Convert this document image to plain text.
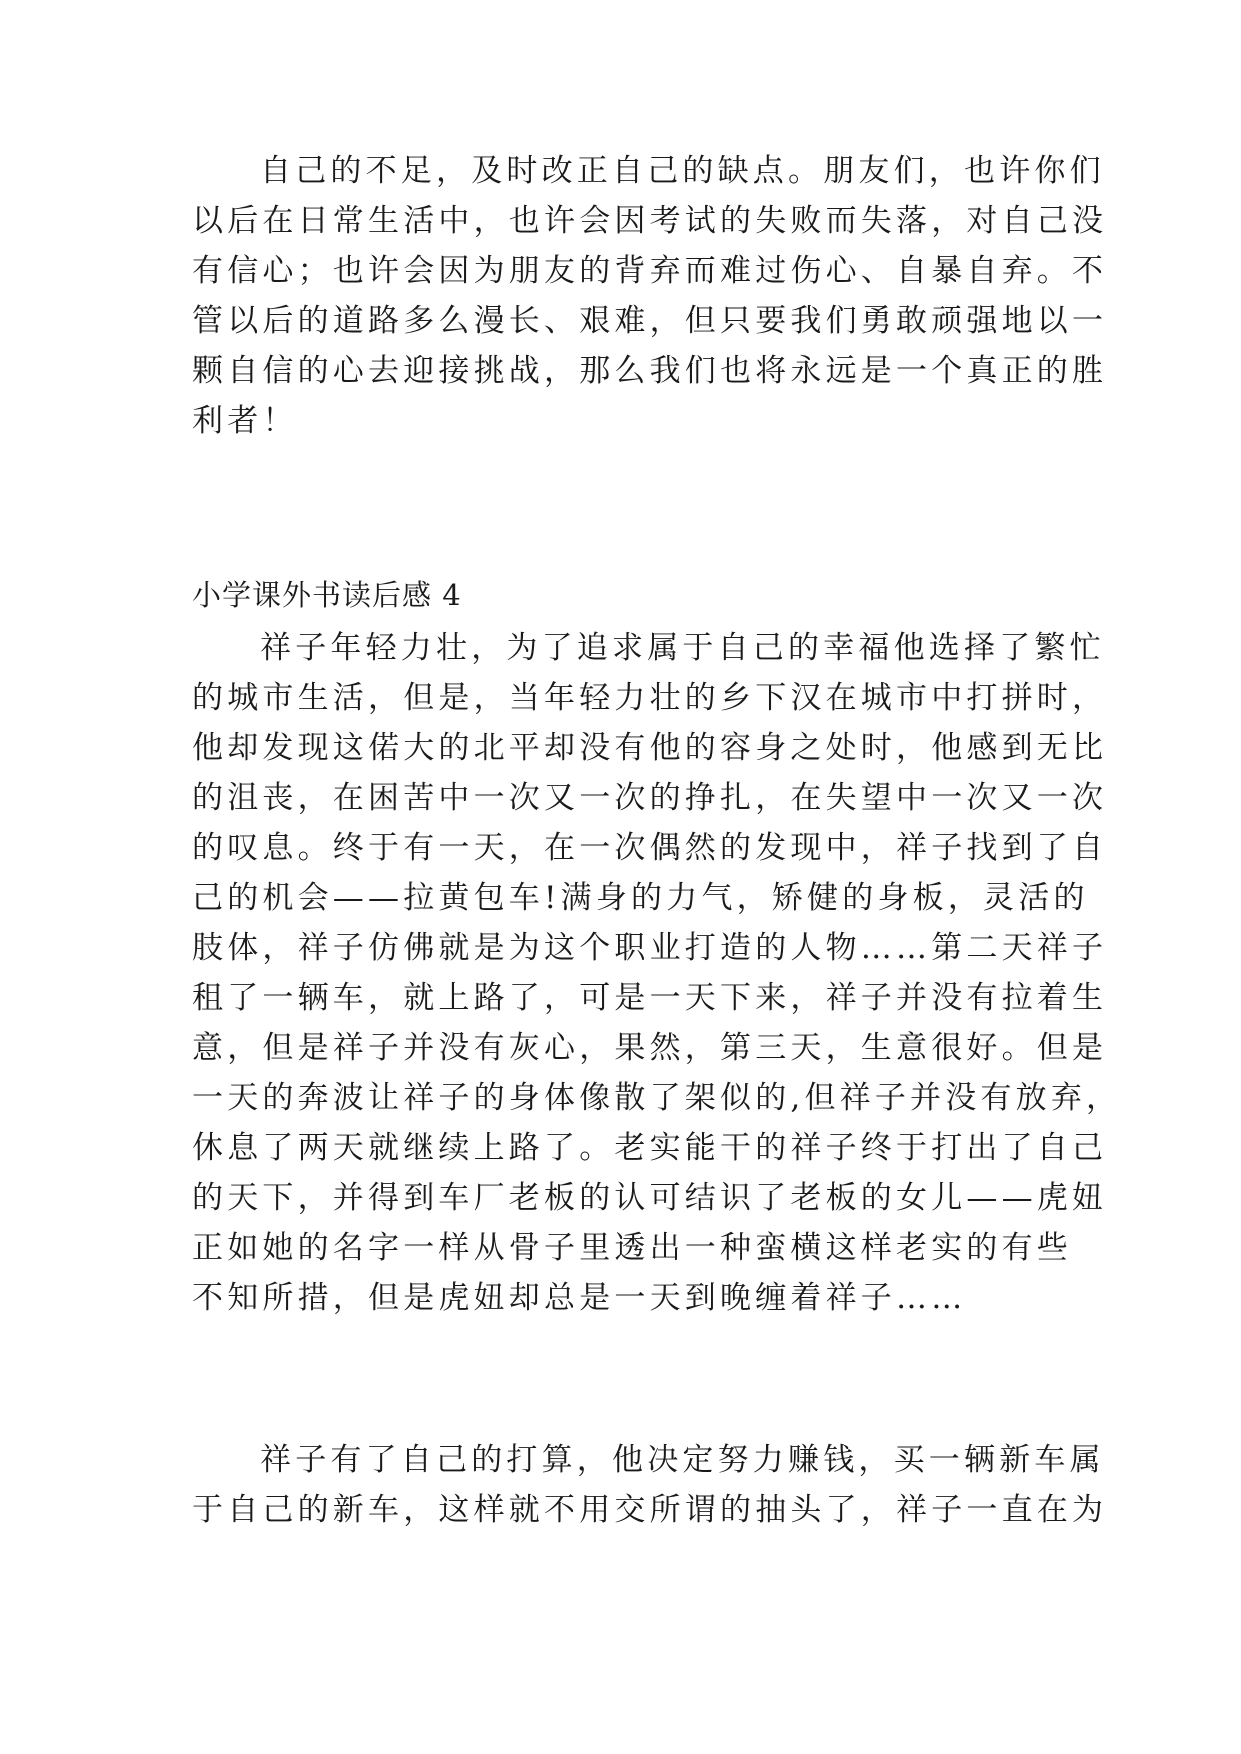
自己的不足，及时改正自己的缺点。朋友们，也许你们
以后在日常生活中，也许会因考试的失败而失落，对自己没
有信心；也许会因为朋友的背弃而难过伤心、自暴自弃。不
管以后的道路多么漫长、艰难，但只要我们勇敢顽强地以一
颗自信的心去迎接挑战，那么我们也将永远是一个真正的胜
利者！
小学课外书读后感 4
祥子年轻力壮，为了追求属于自己的幸福他选择了繁忙
的城市生活，但是，当年轻力壮的乡下汉在城市中打拼时，
他却发现这偌大的北平却没有他的容身之处时，他感到无比
的沮丧，在困苦中一次又一次的挣扎，在失望中一次又一次
的叹息。终于有一天，在一次偶然的发现中，祥子找到了自
己的机会——拉黄包车!满身的力气，矫健的身板，灵活的
肢体，祥子仿佛就是为这个职业打造的人物……第二天祥子
租了一辆车，就上路了，可是一天下来，祥子并没有拉着生
意，但是祥子并没有灰心，果然，第三天，生意很好。但是
一天的奔波让祥子的身体像散了架似的,但祥子并没有放弃，
休息了两天就继续上路了。老实能干的祥子终于打出了自己
的天下，并得到车厂老板的认可结识了老板的女儿——虎妞
正如她的名字一样从骨子里透出一种蛮横这样老实的有些
不知所措，但是虎妞却总是一天到晚缠着祥子……
祥子有了自己的打算，他决定努力赚钱，买一辆新车属
于自己的新车，这样就不用交所谓的抽头了，祥子一直在为
